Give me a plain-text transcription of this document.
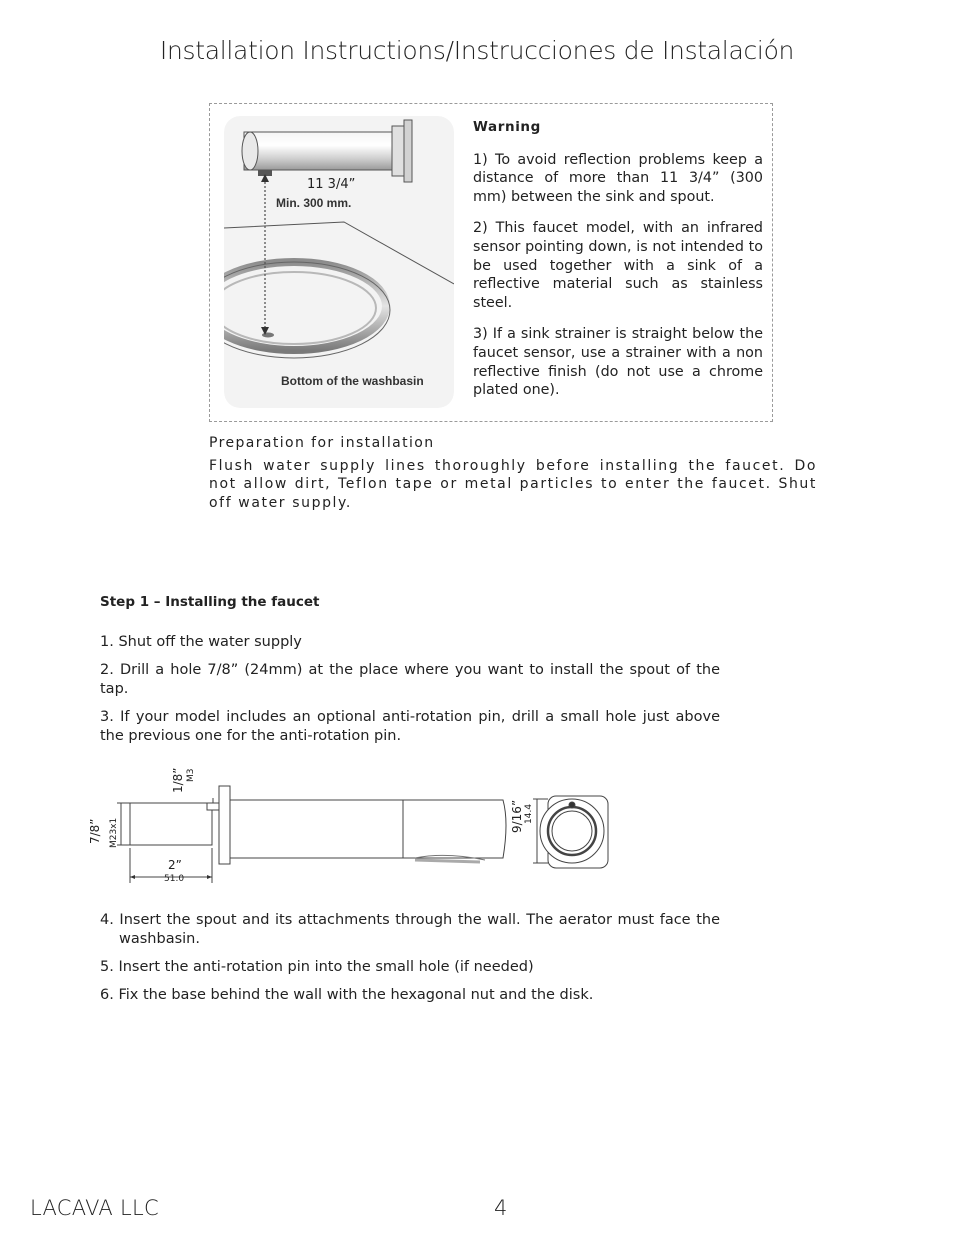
Installation Instructions/Instrucciones de Instalación
11 3/4”
Min. 300 mm.
Bottom of the washbasin
Warning

1) To avoid reflection problems keep a distance of more than 11 3/4” (300 mm) between the sink and spout.

2) This faucet model, with an infrared sensor pointing down, is not intended to be used together with a sink of a reflective material such as stainless steel.

3) If a sink strainer is straight below the faucet sensor, use a strainer with a non reflective finish (do not use a chrome plated one).

Preparation for installation
Flush water supply lines thoroughly before installing the faucet. Do not allow dirt, Teflon tape or metal particles to enter the faucet. Shut off water supply.
Step 1 – Installing the faucet

1. Shut off the water supply

2. Drill a hole 7/8” (24mm) at the place where you want to install the spout of the tap.

3. If your model includes an optional anti-rotation pin, drill a small hole just above the previous one for the anti-rotation pin.

2”
51.0
7/8” M23x1
1/8” M3
9/16” 14.4

4. Insert the spout and its attachments through the wall. The aerator must face the washbasin.

5. Insert the anti-rotation pin into the small hole (if needed)

6. Fix the base behind the wall with the hexagonal nut and the disk.

LACAVA LLC	4
